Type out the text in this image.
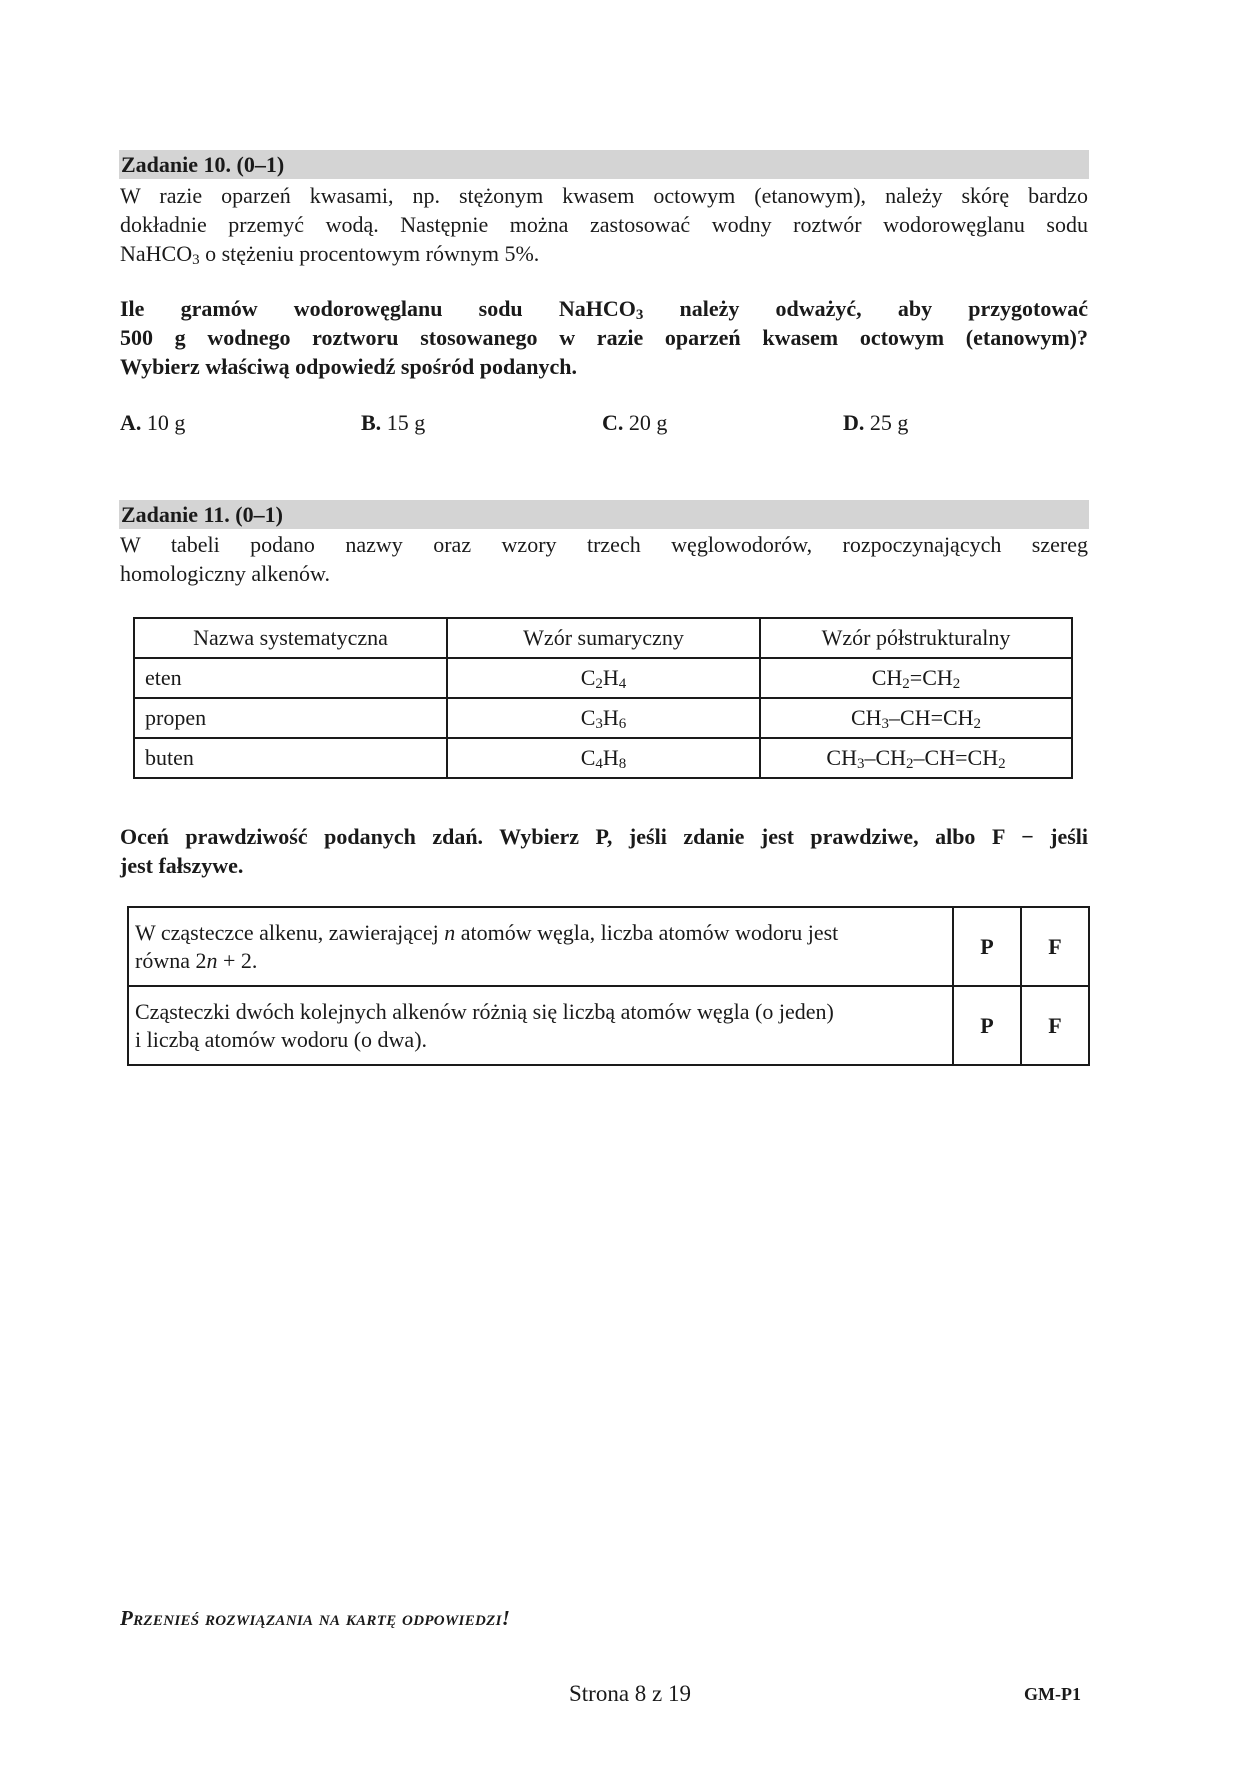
Zadanie 10. (0–1)
W razie oparzeń kwasami, np. stężonym kwasem octowym (etanowym), należy skórę bardzo
dokładnie przemyć wodą. Następnie można zastosować wodny roztwór wodorowęglanu sodu
NaHCO$_3$ o stężeniu procentowym równym 5%.
Ile gramów wodorowęglanu sodu NaHCO$_3$ należy odważyć, aby przygotować
500 g wodnego roztworu stosowanego w razie oparzeń kwasem octowym (etanowym)?
Wybierz właściwą odpowiedź spośród podanych.
A. 10 g	B. 15 g	C. 20 g	D. 25 g
Zadanie 11. (0–1)
W tabeli podano nazwy oraz wzory trzech węglowodorów, rozpoczynających szereg
homologiczny alkenów.
Nazwa systematyczna	Wzór sumaryczny	Wzór półstrukturalny
eten	$C_2H_4$	$CH_2=CH_2$
propen	$C_3H_6$	$CH_3-CH=CH_2$
buten	$C_4H_8$	$CH_3-CH_2-CH=CH_2$
Oceń prawdziwość podanych zdań. Wybierz P, jeśli zdanie jest prawdziwe, albo F − jeśli
jest fałszywe.
W cząsteczce alkenu, zawierającej n atomów węgla, liczba atomów wodoru jest
równa 2n + 2.	P	F

Cząsteczki dwóch kolejnych alkenów różnią się liczbą atomów węgla (o jeden)
i liczbą atomów wodoru (o dwa).	P	F
Przenieś rozwiązania na kartę odpowiedzi!
Strona 8 z 19	GM-P1
